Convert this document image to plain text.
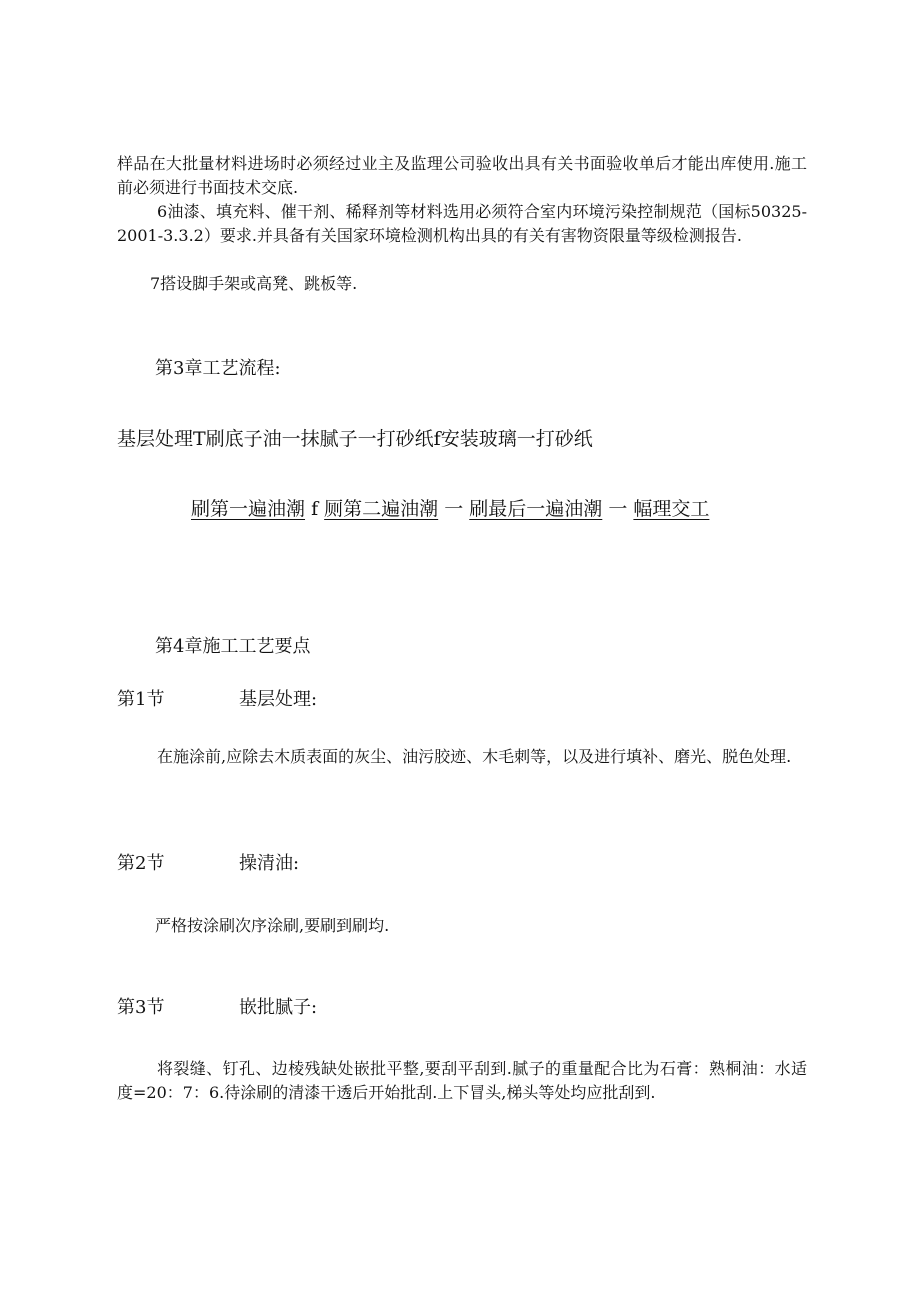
样品在大批量材料进场时必须经过业主及监理公司验收出具有关书面验收单后才能出库使用.施工前必须进行书面技术交底.

6油漆、填充料、催干剂、稀释剂等材料选用必须符合室内环境污染控制规范（国标50325-2001-3.3.2）要求.并具备有关国家环境检测机构出具的有关有害物资限量等级检测报告.

7搭设脚手架或高凳、跳板等.

第3章工艺流程:
基层处理T刷底子油一抹腻子一打砂纸f安装玻璃一打砂纸
刷第一遍油潮 f 厕第二遍油潮 一 刷最后一遍油潮 一 幅理交工
第4章施工工艺要点
第1节	基层处理:

在施涂前,应除去木质表面的灰尘、油污胶迹、木毛刺等，以及进行填补、磨光、脱色处理.

第2节	操清油:

严格按涂刷次序涂刷,要刷到刷均.

第3节	嵌批腻子:

将裂缝、钉孔、边棱残缺处嵌批平整,要刮平刮到.腻子的重量配合比为石膏：熟桐油：水适度=20：7：6.待涂刷的清漆干透后开始批刮.上下冒头,梯头等处均应批刮到.
